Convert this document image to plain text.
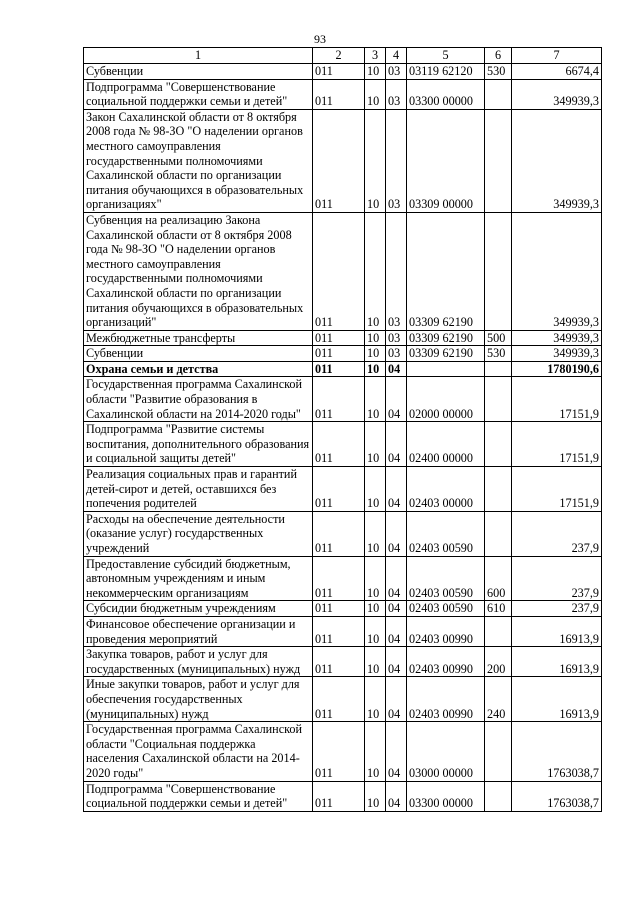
93
1	2	3	4	5	6	7
Субвенции	011	10	03	03119 62120	530	6674,4
Подпрограмма "Совершенствование социальной поддержки семьи и детей"	011	10	03	03300 00000		349939,3
Закон Сахалинской области от 8 октября 2008 года № 98-ЗО "О наделении органов местного самоуправления государственными полномочиями Сахалинской области по организации питания обучающихся в образовательных организациях"	011	10	03	03309 00000		349939,3
Субвенция на реализацию Закона Сахалинской области от 8 октября 2008 года № 98-ЗО "О наделении органов местного самоуправления государственными полномочиями Сахалинской области по организации питания обучающихся в образовательных организаций"	011	10	03	03309 62190		349939,3
Межбюджетные трансферты	011	10	03	03309 62190	500	349939,3
Субвенции	011	10	03	03309 62190	530	349939,3
Охрана семьи и детства	011	10	04			1780190,6
Государственная программа Сахалинской области "Развитие образования в Сахалинской области на 2014-2020 годы"	011	10	04	02000 00000		17151,9
Подпрограмма "Развитие системы воспитания, дополнительного образования и социальной защиты детей"	011	10	04	02400 00000		17151,9
Реализация социальных прав и гарантий детей-сирот и детей, оставшихся без попечения родителей	011	10	04	02403 00000		17151,9
Расходы на обеспечение деятельности (оказание услуг) государственных учреждений	011	10	04	02403 00590		237,9
Предоставление субсидий бюджетным, автономным учреждениям и иным некоммерческим организациям	011	10	04	02403 00590	600	237,9
Субсидии бюджетным учреждениям	011	10	04	02403 00590	610	237,9
Финансовое обеспечение организации и проведения мероприятий	011	10	04	02403 00990		16913,9
Закупка товаров, работ и услуг для государственных (муниципальных) нужд	011	10	04	02403 00990	200	16913,9
Иные закупки товаров, работ и услуг для обеспечения государственных (муниципальных) нужд	011	10	04	02403 00990	240	16913,9
Государственная программа Сахалинской области "Социальная поддержка населения Сахалинской области на 2014-2020 годы"	011	10	04	03000 00000		1763038,7
Подпрограмма "Совершенствование социальной поддержки семьи и детей"	011	10	04	03300 00000		1763038,7
